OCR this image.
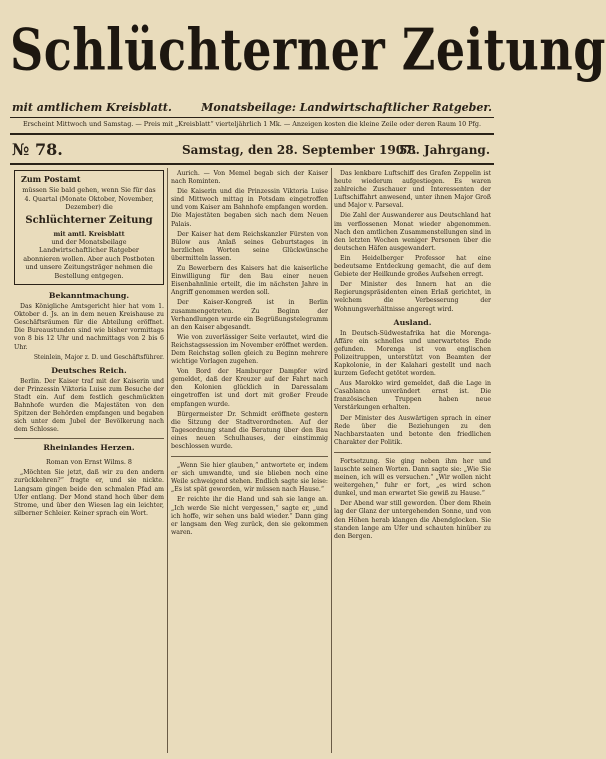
Schlüchterner Zeitung
mit amtlichem Kreisblatt.	Monatsbeilage: Landwirtschaftlicher Ratgeber.
Erscheint Mittwoch und Samstag. — Preis mit „Kreisblatt“ vierteljährlich 1 Mk. — Anzeigen kosten die kleine Zeile oder deren Raum 10 Pfg.
№ 78.	Samstag, den 28. September 1907.
58. Jahrgang.
Zum Postamt
müssen Sie bald gehen, wenn Sie für das 4. Quartal (Monate Oktober, November, Dezember) die
Schlüchterner Zeitung
mit amtl. Kreisblatt
und der Monatsbeilage Landwirtschaftlicher Ratgeber abonnieren wollen. Aber auch Postboten und unsere Zeitungsträger nehmen die Bestellung entgegen.
Bekanntmachung.
Das Königliche Amtsgericht hier hat vom 1. Oktober d. Js. an in dem neuen Kreishause zu Geschäftsräumen für die Abteilung eröffnet. Die Bureaustunden sind wie bisher vormittags von 8 bis 12 Uhr und nachmittags von 2 bis 6 Uhr.
Steinlein, Major z. D. und Geschäftsführer.
Deutsches Reich.
Berlin. Der Kaiser traf mit der Kaiserin und der Prinzessin Viktoria Luise zum Besuche der Stadt ein. Auf dem festlich geschmückten Bahnhofe wurden die Majestäten von den Spitzen der Behörden empfangen und begaben sich unter dem Jubel der Bevölkerung nach dem Schlosse.
Rheinlandes Herzen.
Roman von Ernst Wilms. 8
„Möchten Sie jetzt, daß wir zu den andern zurückkehren?“ fragte er, und sie nickte. Langsam gingen beide den schmalen Pfad am Ufer entlang. Der Mond stand hoch über dem Strome, und über den Wiesen lag ein leichter, silberner Schleier. Keiner sprach ein Wort.
Aurich. — Von Memel begab sich der Kaiser nach Rominten.
Die Kaiserin und die Prinzessin Viktoria Luise sind Mittwoch mittag in Potsdam eingetroffen und vom Kaiser am Bahnhofe empfangen worden. Die Majestäten begaben sich nach dem Neuen Palais.
Der Kaiser hat dem Reichskanzler Fürsten von Bülow aus Anlaß seines Geburtstages in herzlichen Worten seine Glückwünsche übermitteln lassen.
Zu Bewerbern des Kaisers hat die kaiserliche Einwilligung für den Bau einer neuen Eisenbahnlinie erteilt, die im nächsten Jahre in Angriff genommen werden soll.
Der Kaiser-Kongreß ist in Berlin zusammengetreten. Zu Beginn der Verhandlungen wurde ein Begrüßungstelegramm an den Kaiser abgesandt.
Wie von zuverlässiger Seite verlautet, wird die Reichstagssession im November eröffnet werden. Dem Reichstag sollen gleich zu Beginn mehrere wichtige Vorlagen zugehen.
Von Bord der Hamburger Dampfer wird gemeldet, daß der Kreuzer auf der Fahrt nach den Kolonien glücklich in Daressalam eingetroffen ist und dort mit großer Freude empfangen wurde.
Bürgermeister Dr. Schmidt eröffnete gestern die Sitzung der Stadtverordneten. Auf der Tagesordnung stand die Beratung über den Bau eines neuen Schulhauses, der einstimmig beschlossen wurde.
„Wenn Sie hier glauben,“ antwortete er, indem er sich umwandte, und sie blieben noch eine Weile schweigend stehen. Endlich sagte sie leise: „Es ist spät geworden, wir müssen nach Hause.“
Er reichte ihr die Hand und sah sie lange an. „Ich werde Sie nicht vergessen,“ sagte er, „und ich hoffe, wir sehen uns bald wieder.“ Dann ging er langsam den Weg zurück, den sie gekommen waren.
Das lenkbare Luftschiff des Grafen Zeppelin ist heute wiederum aufgestiegen. Es waren zahlreiche Zuschauer und Interessenten der Luftschiffahrt anwesend, unter ihnen Major Groß und Major v. Parseval.
Die Zahl der Auswanderer aus Deutschland hat im verflossenen Monat wieder abgenommen. Nach den amtlichen Zusammenstellungen sind in den letzten Wochen weniger Personen über die deutschen Häfen ausgewandert.
Ein Heidelberger Professor hat eine bedeutsame Entdeckung gemacht, die auf dem Gebiete der Heilkunde großes Aufsehen erregt.
Der Minister des Innern hat an die Regierungspräsidenten einen Erlaß gerichtet, in welchem die Verbesserung der Wohnungsverhältnisse angeregt wird.
Ausland.
In Deutsch-Südwestafrika hat die Morenga-Affäre ein schnelles und unerwartetes Ende gefunden. Morenga ist von englischen Polizeitruppen, unterstützt von Beamten der Kapkolonie, in der Kalahari gestellt und nach kurzem Gefecht getötet worden.
Aus Marokko wird gemeldet, daß die Lage in Casablanca unverändert ernst ist. Die französischen Truppen haben neue Verstärkungen erhalten.
Der Minister des Auswärtigen sprach in einer Rede über die Beziehungen zu den Nachbarstaaten und betonte den friedlichen Charakter der Politik.
Fortsetzung. Sie ging neben ihm her und lauschte seinen Worten. Dann sagte sie: „Wie Sie meinen, ich will es versuchen.“ „Wir wollen nicht weitergehen,“ fuhr er fort, „es wird schon dunkel, und man erwartet Sie gewiß zu Hause.“
Der Abend war still geworden. Über dem Rhein lag der Glanz der untergehenden Sonne, und von den Höhen herab klangen die Abendglocken. Sie standen lange am Ufer und schauten hinüber zu den Bergen.
